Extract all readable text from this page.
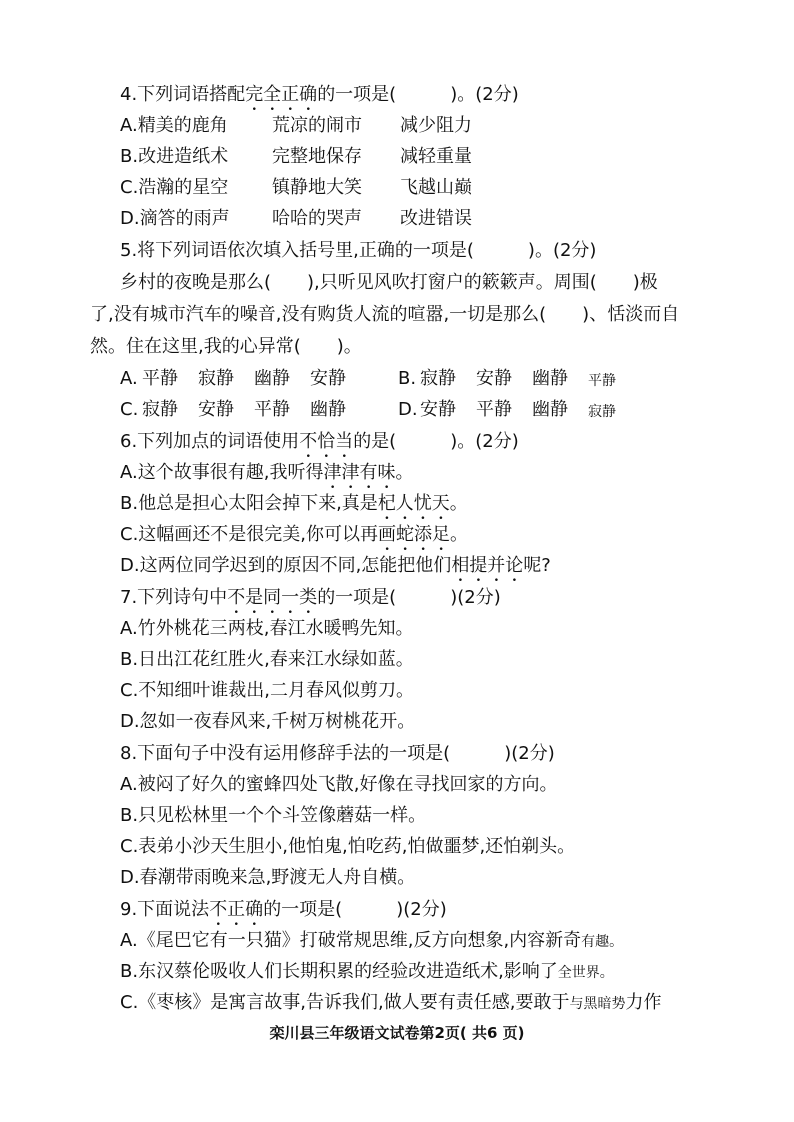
4.下列词语搭配完全正确的一项是(　　　)。(2分)
A.精美的鹿角 荒凉的闹市 减少阻力
B.改进造纸术 完整地保存 减轻重量
C.浩瀚的星空 镇静地大笑 飞越山巅
D.滴答的雨声 哈哈的哭声 改进错误
5.将下列词语依次填入括号里,正确的一项是(　　　)。(2分)
乡村的夜晚是那么(　　),只听见风吹打窗户的簌簌声。周围(　　)极
了,没有城市汽车的噪音,没有购货人流的喧嚣,一切是那么(　　)、恬淡而自
然。住在这里,我的心异常(　　)。
A. 平静 寂静 幽静 安静	B. 寂静 安静 幽静 平静
C. 寂静 安静 平静 幽静	D. 安静 平静 幽静 寂静
6.下列加点的词语使用不恰当的是(　　　)。(2分)
A.这个故事很有趣,我听得津津有味。
B.他总是担心太阳会掉下来,真是杞人忧天。
C.这幅画还不是很完美,你可以再画蛇添足。
D.这两位同学迟到的原因不同,怎能把他们相提并论呢?
7.下列诗句中不是同一类的一项是(　　　)(2分)
A.竹外桃花三两枝,春江水暖鸭先知。
B.日出江花红胜火,春来江水绿如蓝。
C.不知细叶谁裁出,二月春风似剪刀。
D.忽如一夜春风来,千树万树桃花开。
8.下面句子中没有运用修辞手法的一项是(　　　)(2分)
A.被闷了好久的蜜蜂四处飞散,好像在寻找回家的方向。
B.只见松林里一个个斗笠像蘑菇一样。
C.表弟小沙天生胆小,他怕鬼,怕吃药,怕做噩梦,还怕剃头。
D.春潮带雨晚来急,野渡无人舟自横。
9.下面说法不正确的一项是(　　　)(2分)
A.《尾巴它有一只猫》打破常规思维,反方向想象,内容新奇有趣。
B.东汉蔡伦吸收人们长期积累的经验改进造纸术,影响了全世界。
C.《枣核》是寓言故事,告诉我们,做人要有责任感,要敢于与黑暗势力作
栾川县三年级语文试卷第2页( 共6 页)
